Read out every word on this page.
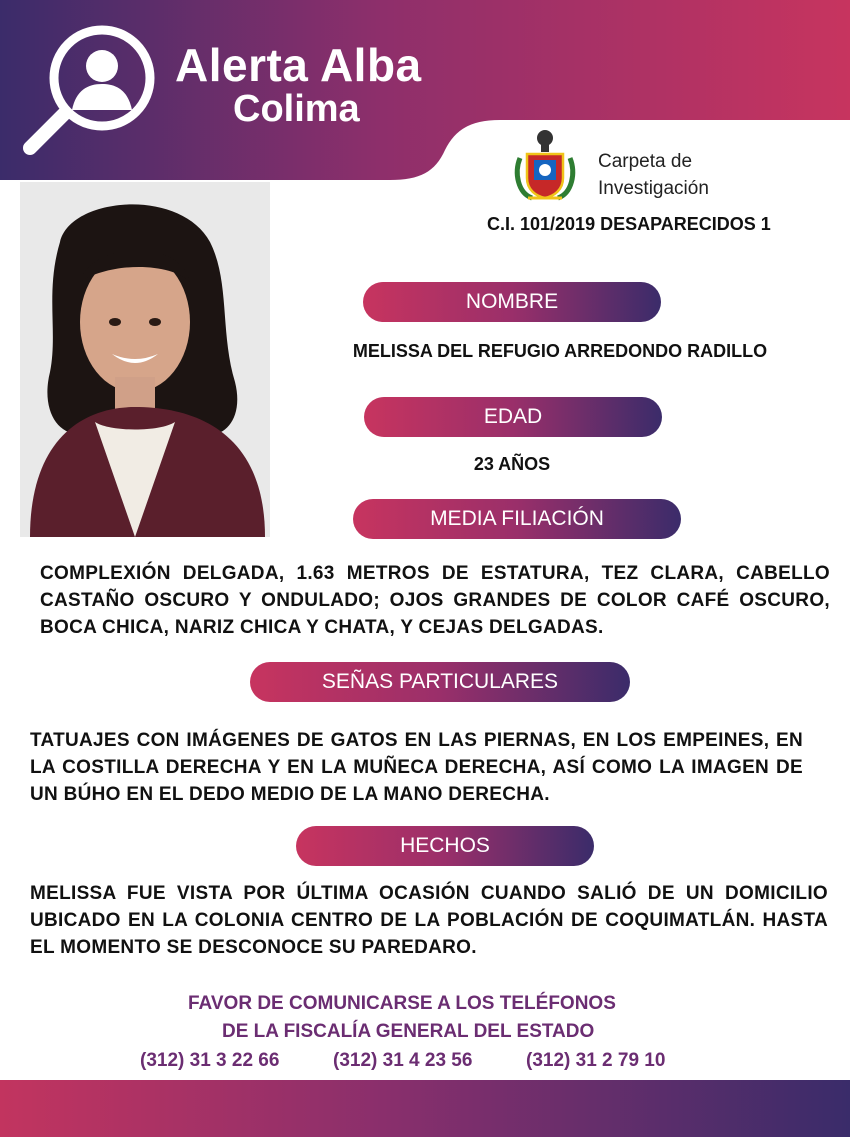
Alerta Alba
Colima
Carpeta de
Investigación
C.I. 101/2019 DESAPARECIDOS 1
NOMBRE
MELISSA DEL REFUGIO ARREDONDO RADILLO
EDAD
23 AÑOS
MEDIA FILIACIÓN
COMPLEXIÓN DELGADA, 1.63 METROS DE ESTATURA, TEZ CLARA, CABELLO CASTAÑO OSCURO Y ONDULADO; OJOS GRANDES DE COLOR CAFÉ OSCURO, BOCA CHICA, NARIZ CHICA Y CHATA, Y CEJAS DELGADAS.
SEÑAS PARTICULARES
TATUAJES CON IMÁGENES DE GATOS EN LAS PIERNAS, EN LOS EMPEINES, EN LA COSTILLA DERECHA Y EN LA MUÑECA DERECHA, ASÍ COMO LA IMAGEN DE UN BÚHO EN EL DEDO MEDIO DE LA MANO DERECHA.
HECHOS
MELISSA FUE VISTA POR ÚLTIMA OCASIÓN CUANDO SALIÓ DE UN DOMICILIO UBICADO EN LA COLONIA CENTRO DE LA POBLACIÓN DE COQUIMATLÁN. HASTA EL MOMENTO SE DESCONOCE SU PAREDARO.
FAVOR DE COMUNICARSE A LOS TELÉFONOS
DE LA FISCALÍA GENERAL DEL ESTADO
(312) 31 3 22 66	(312) 31 4 23 56	(312) 31 2 79 10
